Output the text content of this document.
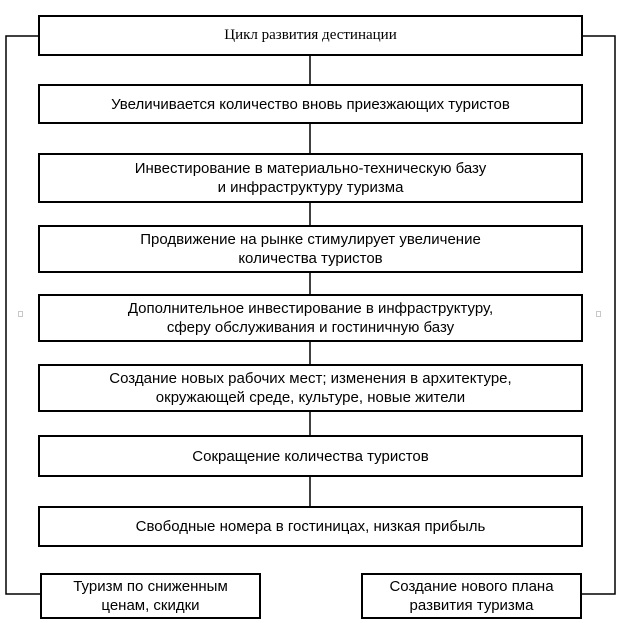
Цикл развития дестинации
Увеличивается количество вновь приезжающих туристов
Инвестирование в материально-техническую базу
и инфраструктуру туризма
Продвижение на рынке стимулирует увеличение
количества туристов
Дополнительное инвестирование в инфраструктуру,
сферу обслуживания и гостиничную базу
Создание новых рабочих мест; изменения в архитектуре,
окружающей среде, культуре, новые жители
Сокращение количества туристов
Свободные номера в гостиницах, низкая прибыль
Туризм по сниженным
ценам, скидки
Создание нового плана
развития туризма
